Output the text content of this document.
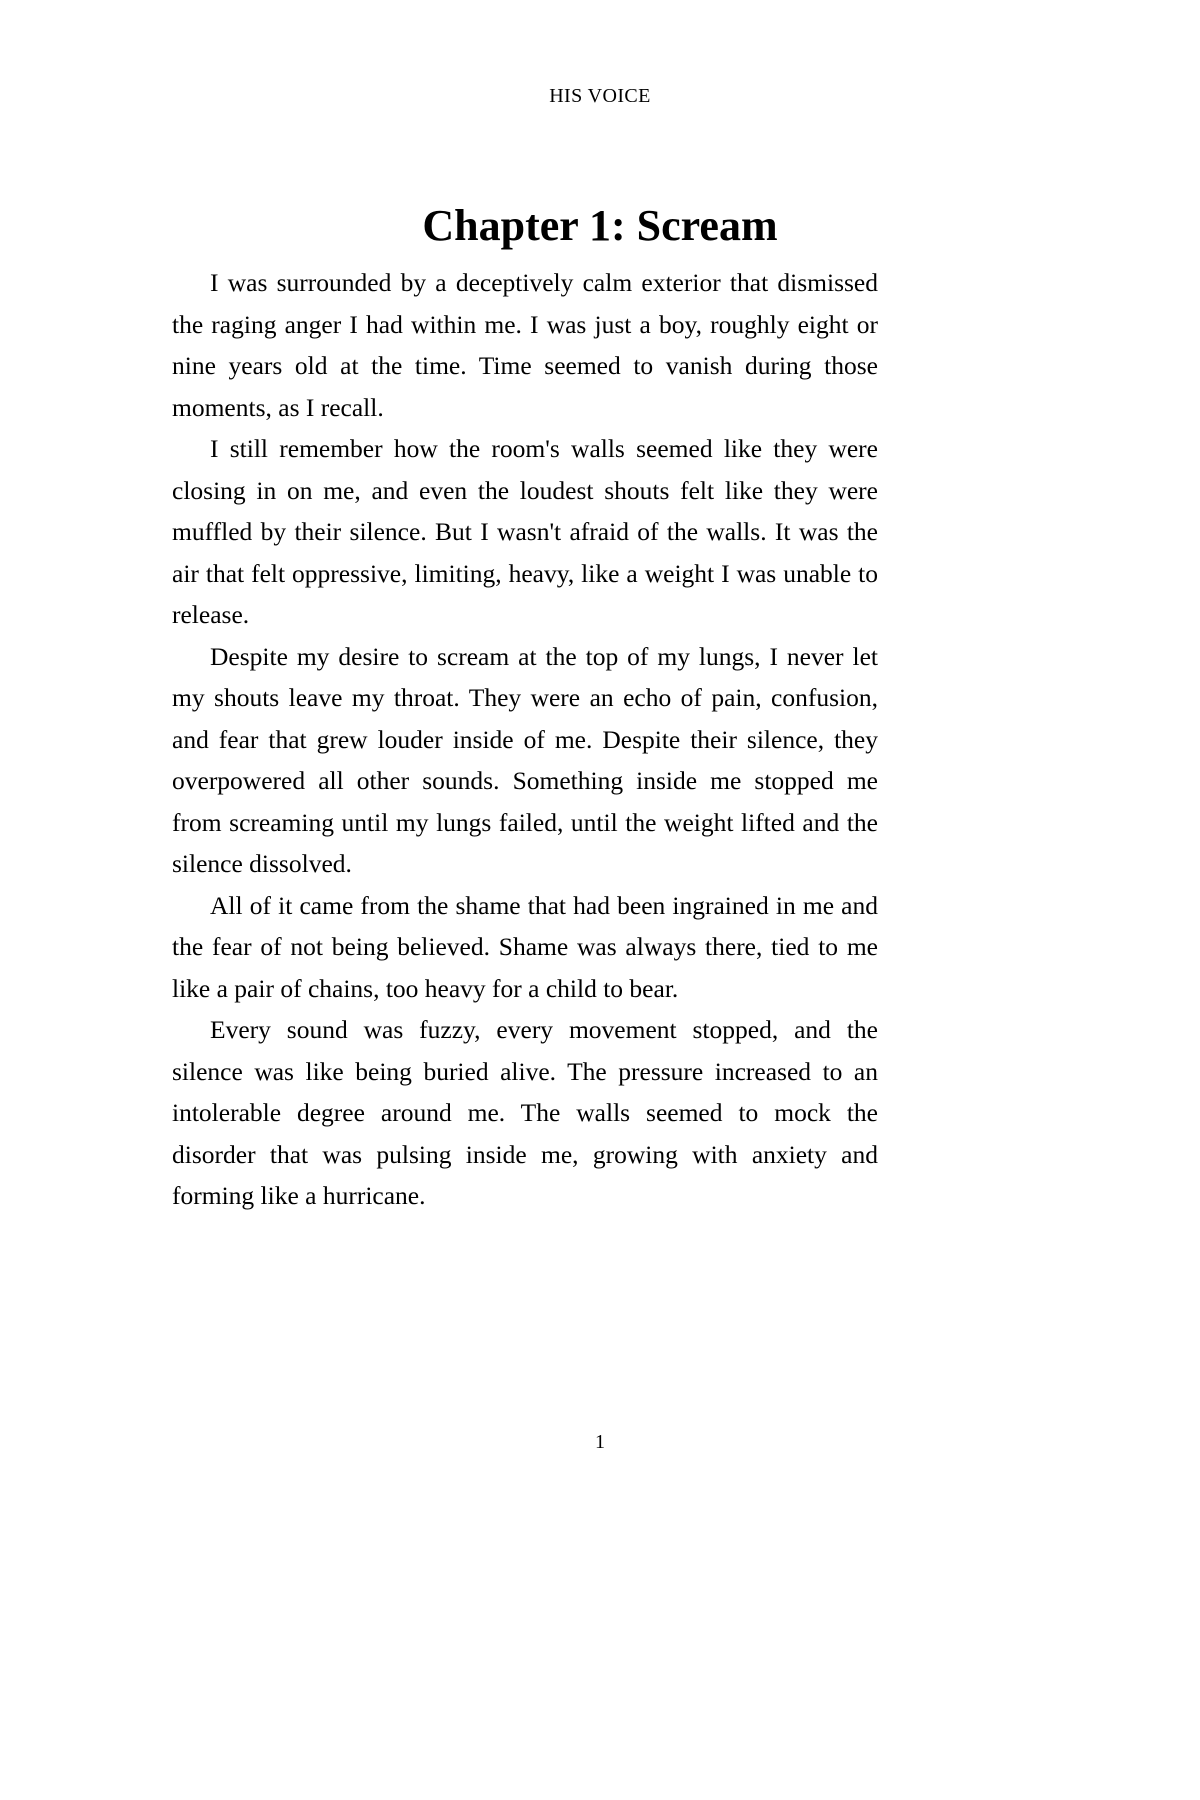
HIS VOICE
Chapter 1: Scream

I was surrounded by a deceptively calm exterior that dismissed the raging anger I had within me. I was just a boy, roughly eight or nine years old at the time. Time seemed to vanish during those moments, as I recall.

I still remember how the room's walls seemed like they were closing in on me, and even the loudest shouts felt like they were muffled by their silence. But I wasn't afraid of the walls. It was the air that felt oppressive, limiting, heavy, like a weight I was unable to release.

Despite my desire to scream at the top of my lungs, I never let my shouts leave my throat. They were an echo of pain, confusion, and fear that grew louder inside of me. Despite their silence, they overpowered all other sounds. Something inside me stopped me from screaming until my lungs failed, until the weight lifted and the silence dissolved.

All of it came from the shame that had been ingrained in me and the fear of not being believed. Shame was always there, tied to me like a pair of chains, too heavy for a child to bear.

Every sound was fuzzy, every movement stopped, and the silence was like being buried alive. The pressure increased to an intolerable degree around me. The walls seemed to mock the disorder that was pulsing inside me, growing with anxiety and forming like a hurricane.

1
